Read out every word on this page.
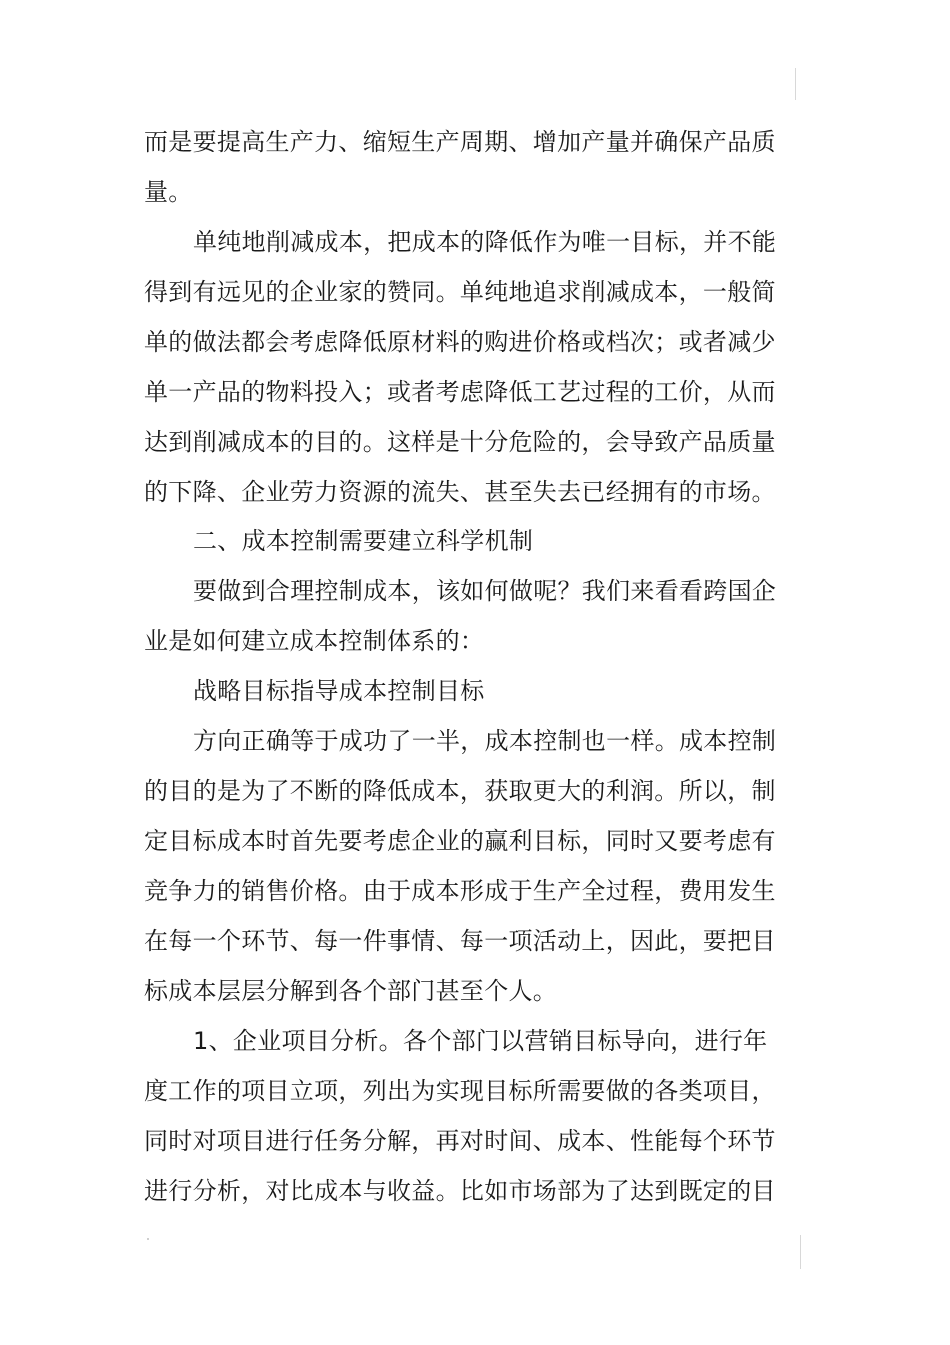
而是要提高生产力、缩短生产周期、增加产量并确保产品质
量。
单纯地削减成本，把成本的降低作为唯一目标，并不能
得到有远见的企业家的赞同。单纯地追求削减成本，一般简
单的做法都会考虑降低原材料的购进价格或档次；或者减少
单一产品的物料投入；或者考虑降低工艺过程的工价，从而
达到削减成本的目的。这样是十分危险的，会导致产品质量
的下降、企业劳力资源的流失、甚至失去已经拥有的市场。
二、成本控制需要建立科学机制
要做到合理控制成本，该如何做呢？我们来看看跨国企
业是如何建立成本控制体系的：
战略目标指导成本控制目标
方向正确等于成功了一半，成本控制也一样。成本控制
的目的是为了不断的降低成本，获取更大的利润。所以，制
定目标成本时首先要考虑企业的赢利目标，同时又要考虑有
竞争力的销售价格。由于成本形成于生产全过程，费用发生
在每一个环节、每一件事情、每一项活动上，因此，要把目
标成本层层分解到各个部门甚至个人。
1、企业项目分析。各个部门以营销目标导向，进行年
度工作的项目立项，列出为实现目标所需要做的各类项目，
同时对项目进行任务分解，再对时间、成本、性能每个环节
进行分析，对比成本与收益。比如市场部为了达到既定的目
